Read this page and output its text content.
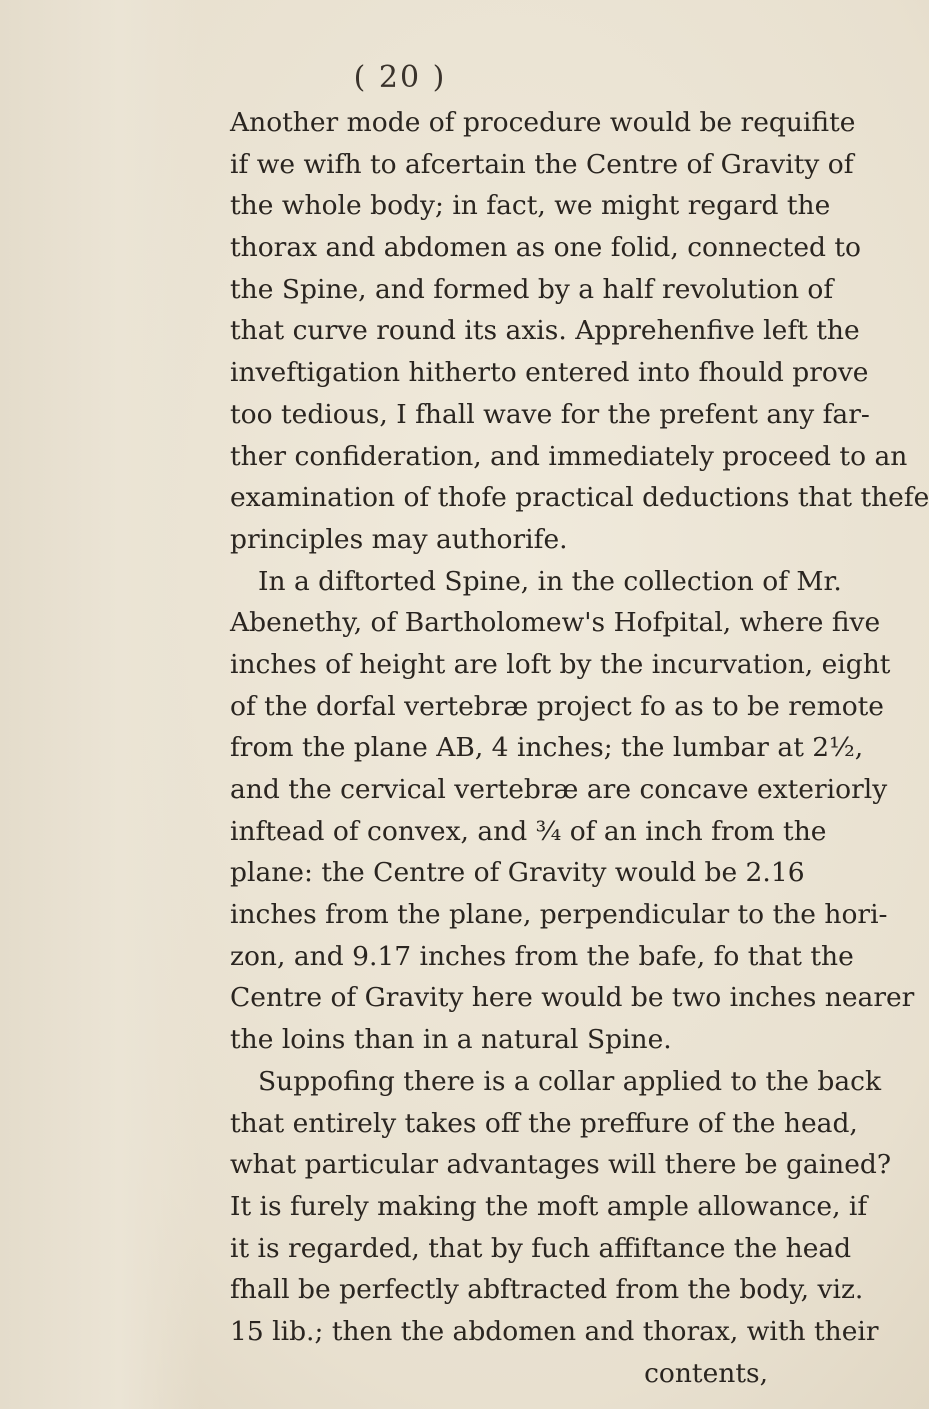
( 20 )
Another mode of procedure would be requifite
if we wifh to afcertain the Centre of Gravity of
the whole body; in fact, we might regard the
thorax and abdomen as one folid, connected to
the Spine, and formed by a half revolution of
that curve round its axis. Apprehenfive left the
inveftigation hitherto entered into fhould prove
too tedious, I fhall wave for the prefent any far-
ther confideration, and immediately proceed to an
examination of thofe practical deductions that thefe
principles may authorife.
In a diftorted Spine, in the collection of Mr.
Abenethy, of Bartholomew's Hofpital, where five
inches of height are loft by the incurvation, eight
of the dorfal vertebræ project fo as to be remote
from the plane AB, 4 inches; the lumbar at 2½,
and the cervical vertebræ are concave exteriorly
inftead of convex, and ¾ of an inch from the
plane: the Centre of Gravity would be 2.16
inches from the plane, perpendicular to the hori-
zon, and 9.17 inches from the bafe, fo that the
Centre of Gravity here would be two inches nearer
the loins than in a natural Spine.
Suppofing there is a collar applied to the back
that entirely takes off the preffure of the head,
what particular advantages will there be gained?
It is furely making the moft ample allowance, if
it is regarded, that by fuch affiftance the head
fhall be perfectly abftracted from the body, viz.
15 lib.; then the abdomen and thorax, with their
contents,
